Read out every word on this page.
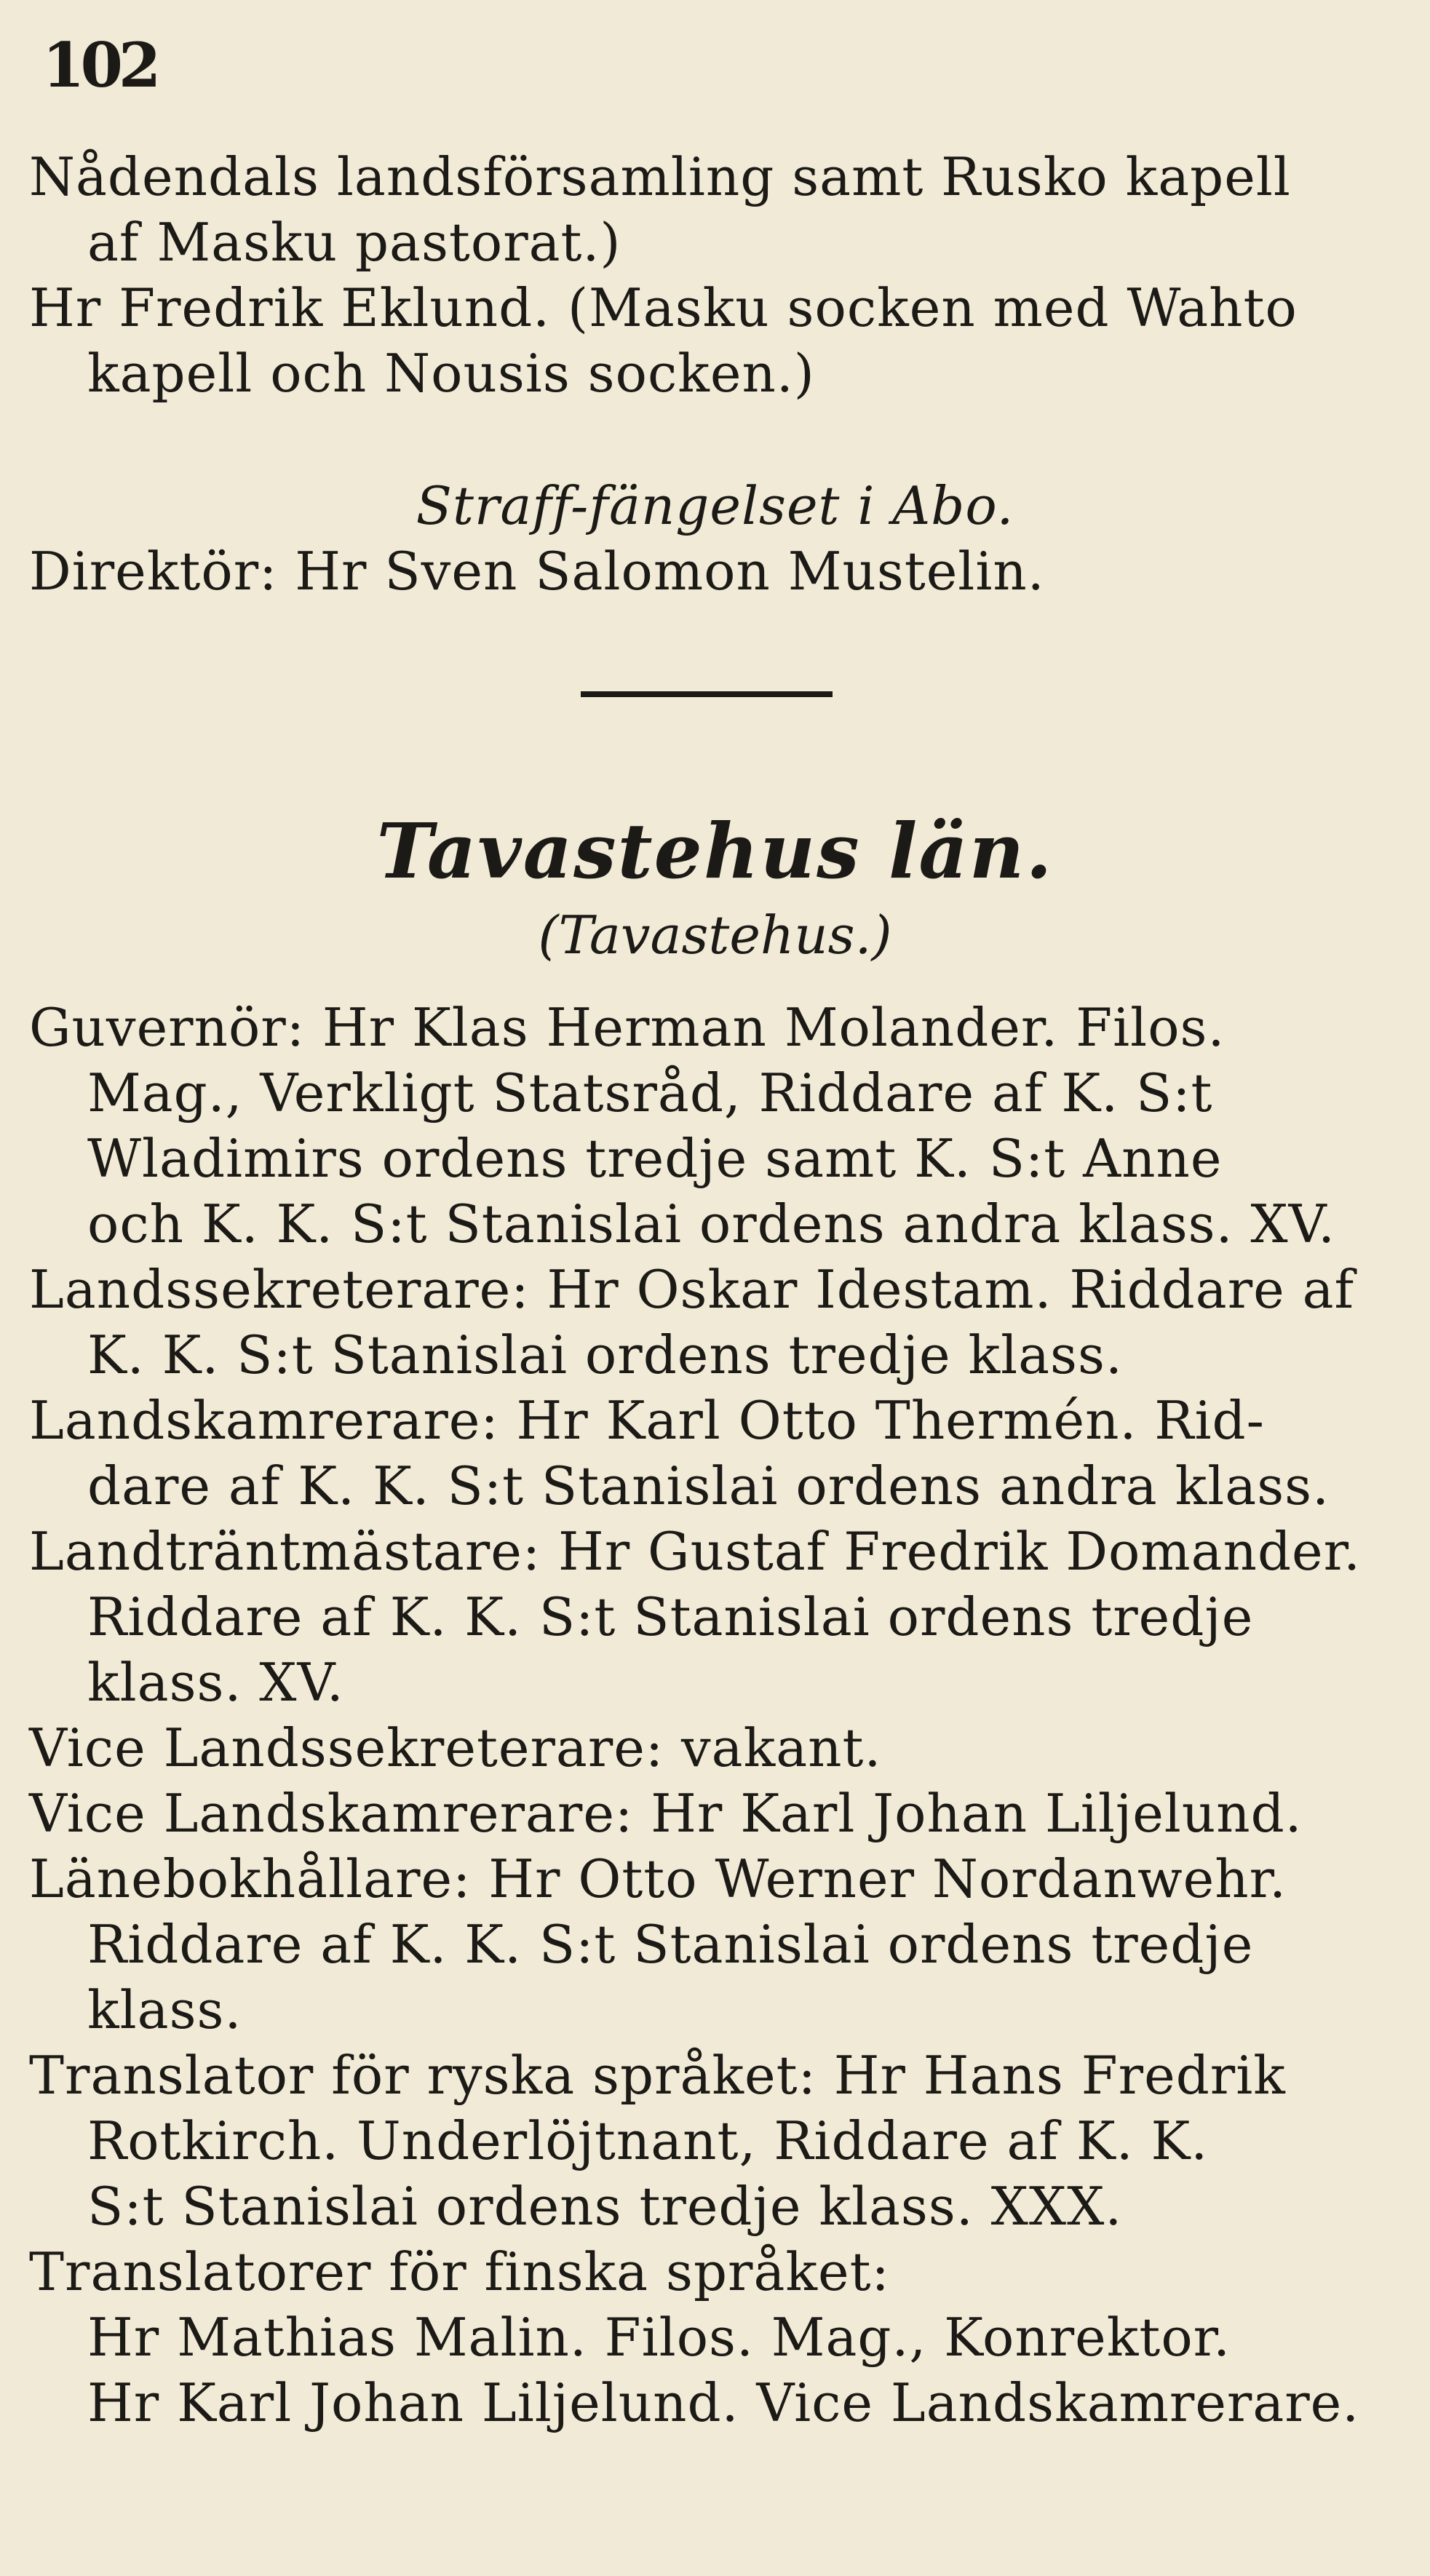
102
Nådendals landsförsamling samt Rusko kapell
af Masku pastorat.)
Hr Fredrik Eklund. (Masku socken med Wahto
kapell och Nousis socken.)
Straff-fängelset i Abo.
Direktör: Hr Sven Salomon Mustelin.
Tavastehus län.
(Tavastehus.)
Guvernör: Hr Klas Herman Molander. Filos.
Mag., Verkligt Statsråd, Riddare af K. S:t
Wladimirs ordens tredje samt K. S:t Anne
och K. K. S:t Stanislai ordens andra klass. XV.
Landssekreterare: Hr Oskar Idestam. Riddare af
K. K. S:t Stanislai ordens tredje klass.
Landskamrerare: Hr Karl Otto Thermén. Rid-
dare af K. K. S:t Stanislai ordens andra klass.
Landträntmästare: Hr Gustaf Fredrik Domander.
Riddare af K. K. S:t Stanislai ordens tredje
klass. XV.
Vice Landssekreterare: vakant.
Vice Landskamrerare: Hr Karl Johan Liljelund.
Länebokhållare: Hr Otto Werner Nordanwehr.
Riddare af K. K. S:t Stanislai ordens tredje
klass.
Translator för ryska språket: Hr Hans Fredrik
Rotkirch. Underlöjtnant, Riddare af K. K.
S:t Stanislai ordens tredje klass. XXX.
Translatorer för finska språket:
Hr Mathias Malin. Filos. Mag., Konrektor.
Hr Karl Johan Liljelund. Vice Landskamrerare.
